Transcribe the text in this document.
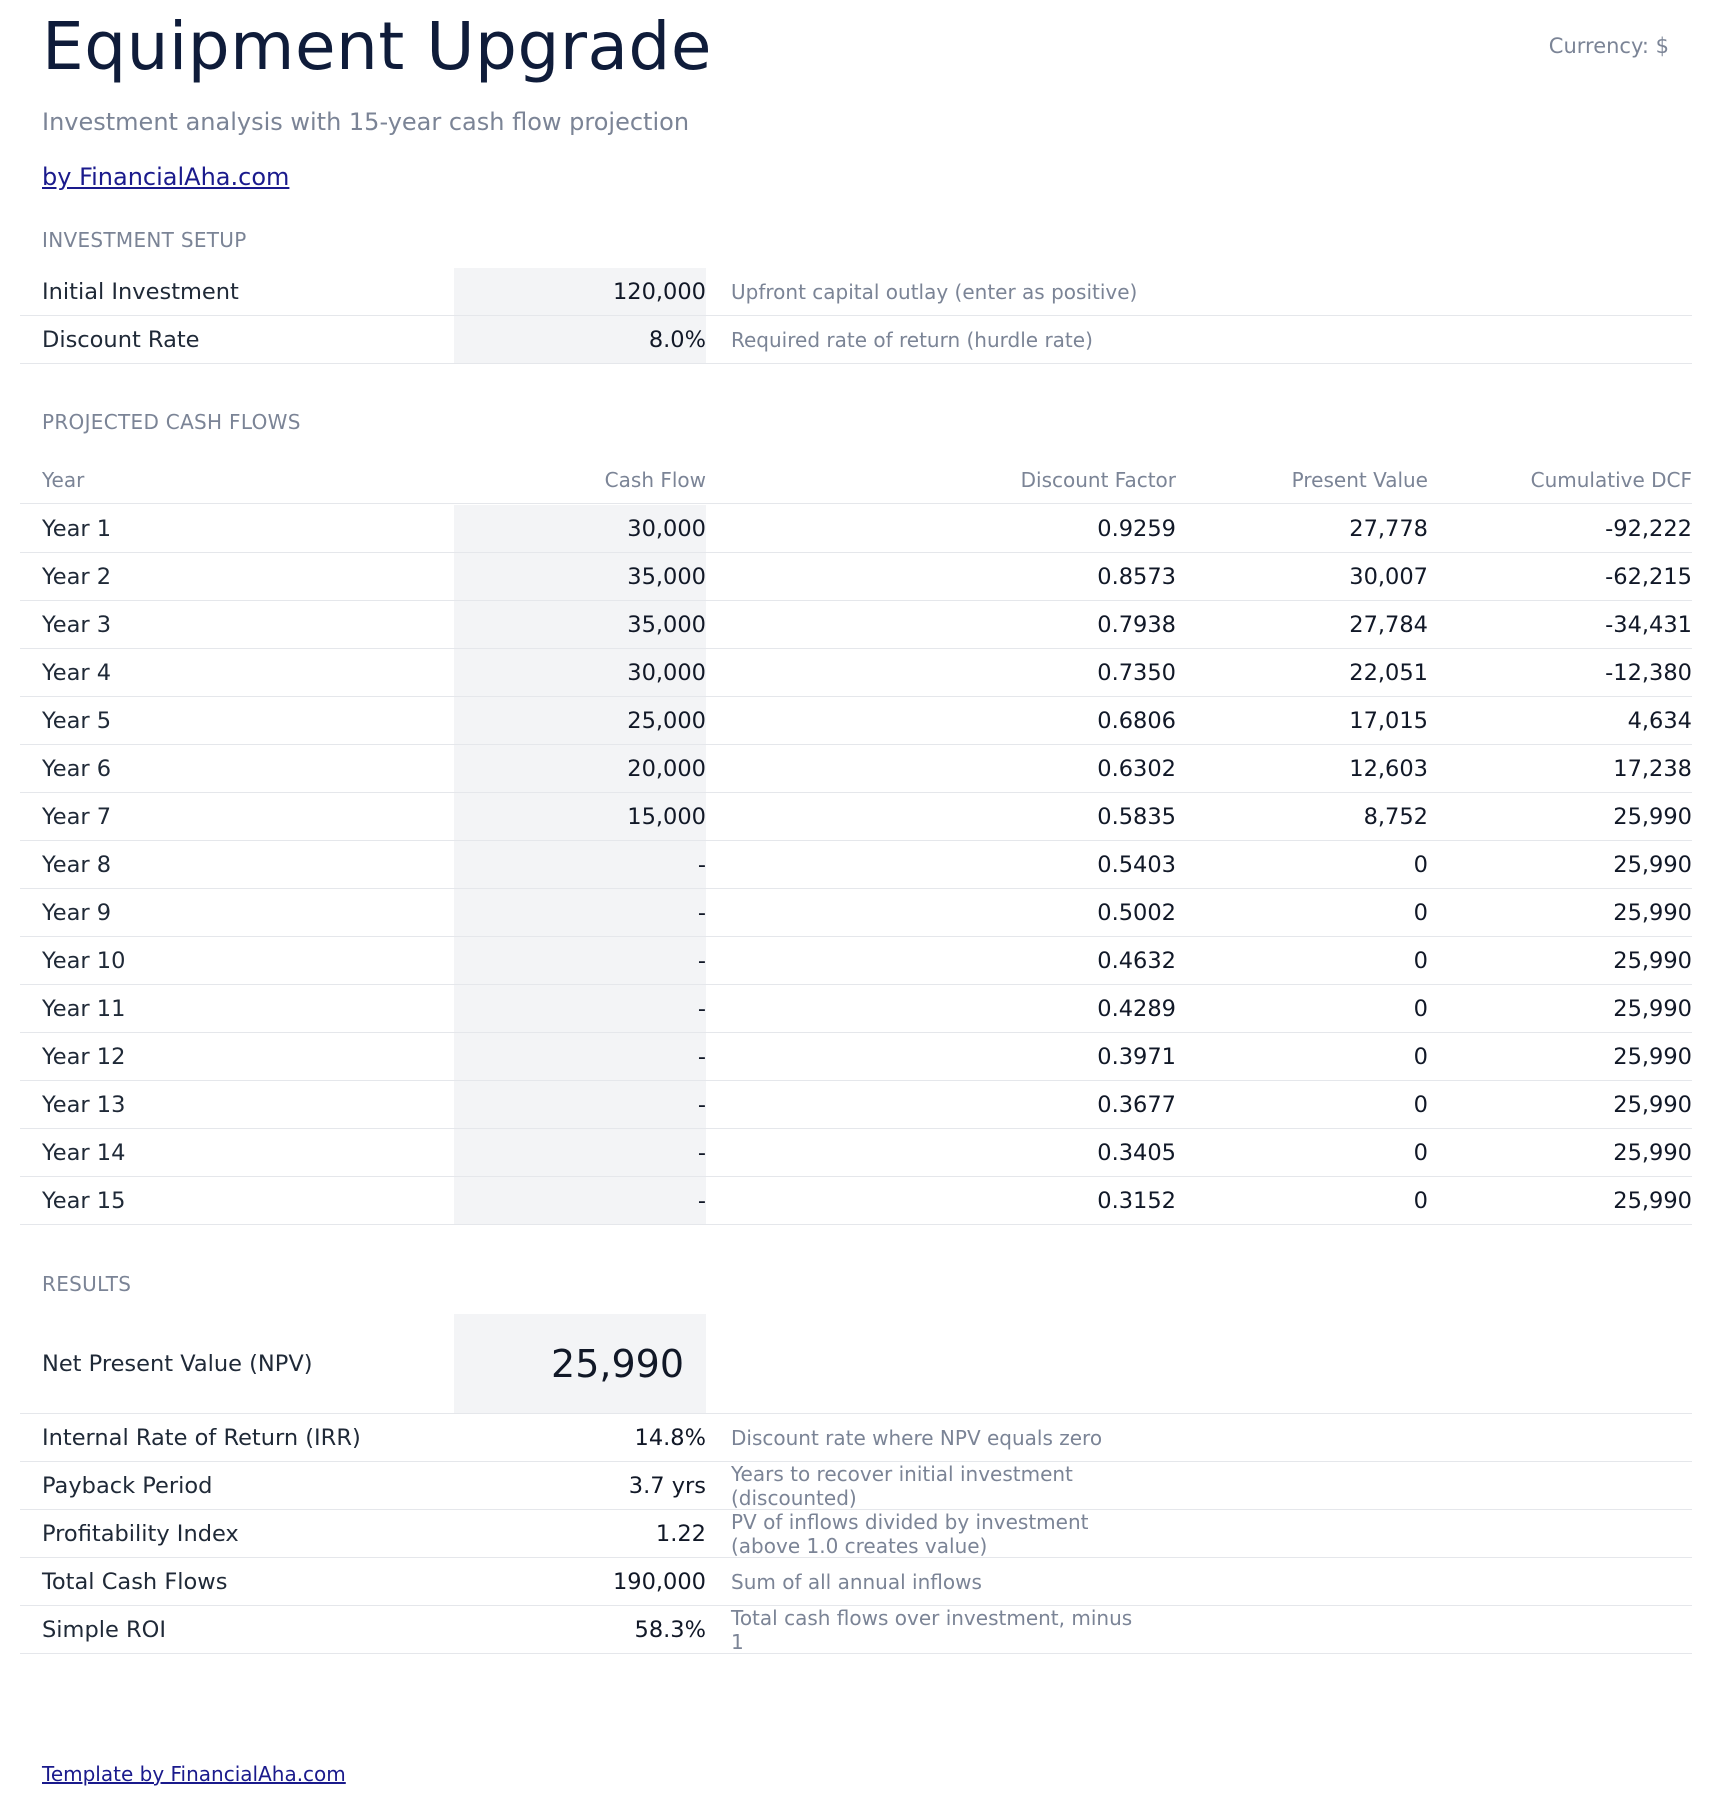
Equipment Upgrade	Currency: $
Investment analysis with 15-year cash flow projection
by FinancialAha.com
INVESTMENT SETUP
Initial Investment	120,000 Upfront capital outlay (enter as positive)
Discount Rate	8.0% Required rate of return (hurdle rate)
PROJECTED CASH FLOWS
Year	Cash Flow	Discount Factor	Present Value	Cumulative DCF
Year 1	30,000	0.9259	27,778	-92,222
Year 2	35,000	0.8573	30,007	-62,215
Year 3	35,000	0.7938	27,784	-34,431
Year 4	30,000	0.7350	22,051	-12,380
Year 5	25,000	0.6806	17,015	4,634
Year 6	20,000	0.6302	12,603	17,238
Year 7	15,000	0.5835	8,752	25,990
Year 8	-	0.5403	0	25,990
Year 9	-	0.5002	0	25,990
Year 10	-	0.4632	0	25,990
Year 11	-	0.4289	0	25,990
Year 12	-	0.3971	0	25,990
Year 13	-	0.3677	0	25,990
Year 14	-	0.3405	0	25,990
Year 15	-	0.3152	0	25,990
RESULTS
Net Present Value (NPV)	25,990
Internal Rate of Return (IRR)	14.8% Discount rate where NPV equals zero
Payback Period	3.7 yrs Years to recover initial investment (discounted)
Profitability Index	1.22 PV of inflows divided by investment (above 1.0 creates value)
Total Cash Flows	190,000 Sum of all annual inflows
Simple ROI	58.3% Total cash flows over investment, minus 1
Template by FinancialAha.com
